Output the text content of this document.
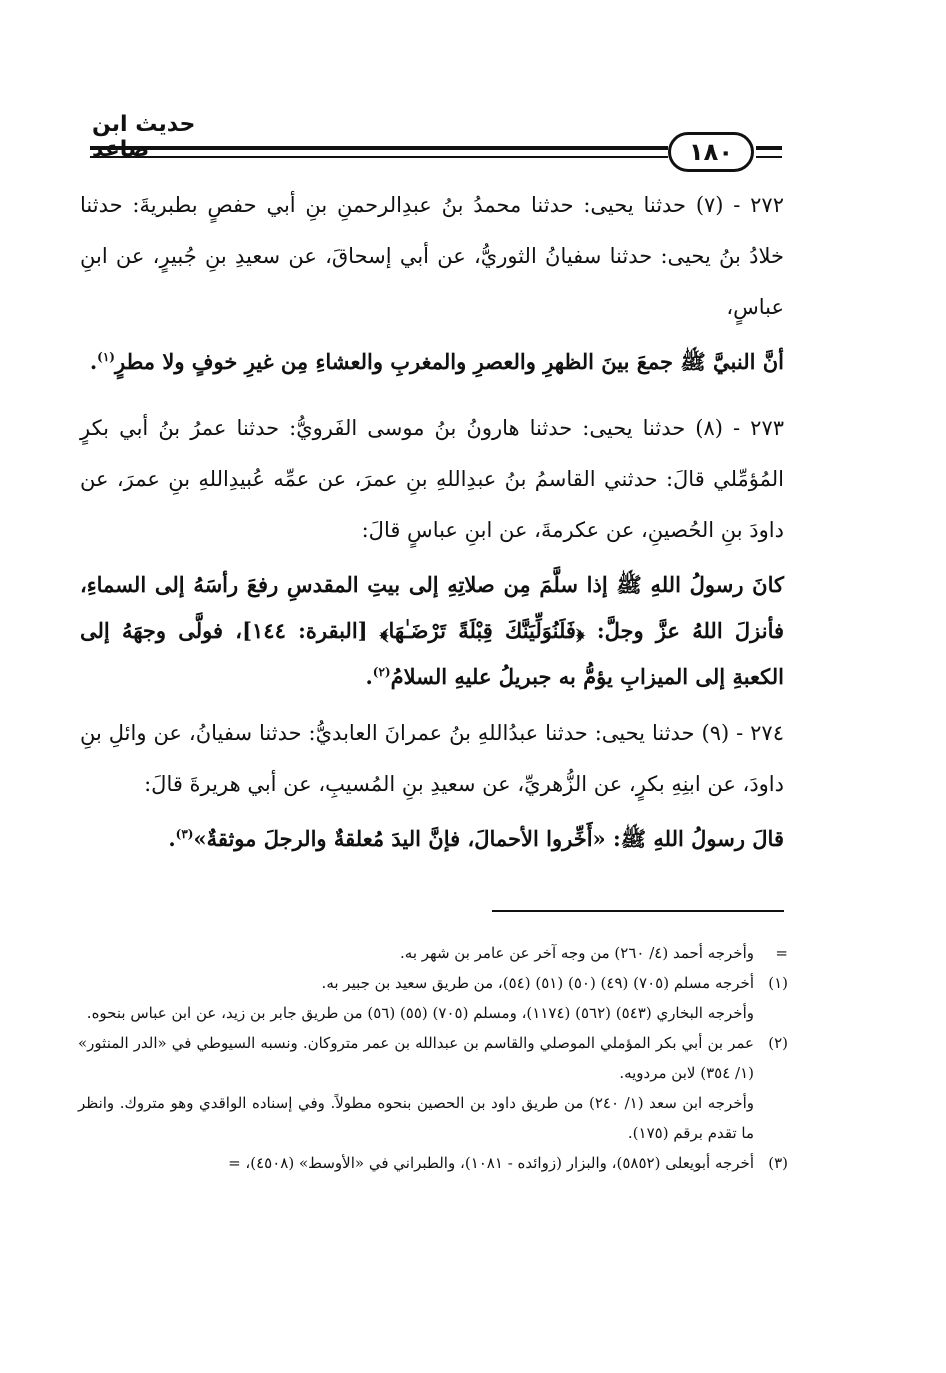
حديث ابن
١٨٠

٢٧٢ - (٧) حدثنا يحيى: حدثنا محمدُ بنُ عبدِالرحمنِ بنِ أبي حفصٍ بطبريةَ: حدثنا خلادُ بنُ يحيى: حدثنا سفيانُ الثوريُّ، عن أبي إسحاقَ، عن سعيدِ بنِ جُبيرٍ، عن ابنِ عباسٍ،

أنَّ النبيَّ ﷺ جمعَ بينَ الظهرِ والعصرِ والمغربِ والعشاءِ مِن غيرِ خوفٍ ولا مطرٍ$^{(١)}$.

٢٧٣ - (٨) حدثنا يحيى: حدثنا هارونُ بنُ موسى الفَرويُّ: حدثنا عمرُ بنُ أبي بكرٍ المُؤمِّلي قالَ: حدثني القاسمُ بنُ عبدِاللهِ بنِ عمرَ، عن عمِّه عُبيدِاللهِ بنِ عمرَ، عن داودَ بنِ الحُصينِ، عن عكرمةَ، عن ابنِ عباسٍ قالَ:

كانَ رسولُ اللهِ ﷺ إذا سلَّمَ مِن صلاتِهِ إلى بيتِ المقدسِ رفعَ رأسَهُ إلى السماءِ، فأنزلَ اللهُ عزَّ وجلَّ: ﴿فَلَنُوَلِّيَنَّكَ قِبْلَةً تَرْضَـٰهَا﴾ [البقرة: ١٤٤]، فولَّى وجهَهُ إلى الكعبةِ إلى الميزابِ يؤمُّ به جبريلُ عليهِ السلامُ$^{(٢)}$.

٢٧٤ - (٩) حدثنا يحيى: حدثنا عبدُاللهِ بنُ عمرانَ العابديُّ: حدثنا سفيانُ، عن وائلِ بنِ داودَ، عن ابنِهِ بكرٍ، عن الزُّهريِّ، عن سعيدِ بنِ المُسيبِ، عن أبي هريرةَ قالَ:

قالَ رسولُ اللهِ ﷺ: «أَخِّروا الأحمالَ، فإنَّ اليدَ مُعلقةٌ والرجلَ موثقةٌ»$^{(٣)}$.

=
وأخرجه أحمد (٤/ ٢٦٠) من وجه آخر عن عامر بن شهر به.
(١)
أخرجه مسلم (٧٠٥) (٤٩) (٥٠) (٥١) (٥٤)، من طريق سعيد بن جبير به.
وأخرجه البخاري (٥٤٣) (٥٦٢) (١١٧٤)، ومسلم (٧٠٥) (٥٥) (٥٦) من طريق جابر بن زيد، عن ابن عباس بنحوه.
(٢)
عمر بن أبي بكر المؤملي الموصلي والقاسم بن عبدالله بن عمر متروكان. ونسبه السيوطي في «الدر المنثور» (١/ ٣٥٤) لابن مردويه.
وأخرجه ابن سعد (١/ ٢٤٠) من طريق داود بن الحصين بنحوه مطولاً. وفي إسناده الواقدي وهو متروك. وانظر ما تقدم برقم (١٧٥).
(٣)
أخرجه أبويعلى (٥٨٥٢)، والبزار (زوائده - ١٠٨١)، والطبراني في «الأوسط» (٤٥٠٨)، =
